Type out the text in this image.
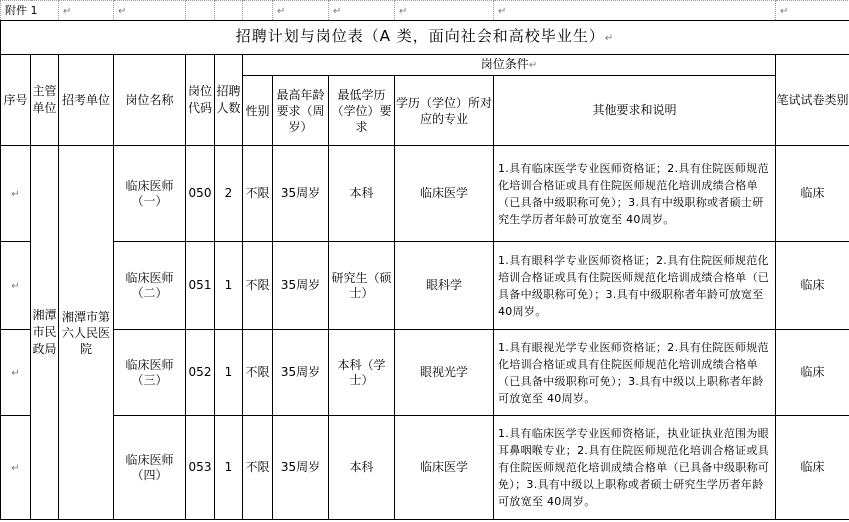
附件 1		↵	↵				↵	↵	↵	↵	↵
招聘计划与岗位表（A 类，面向社会和高校毕业生）↵											
序号	主管单位	招考单位	岗位名称	岗位代码	招聘人数	岗位条件↵					笔试试卷类别
						性别	最高年龄要求（周岁）	最低学历（学位）要求	学历（学位）所对应的专业	其他要求和说明	
↵	湘潭市民政局	湘潭市第六人民医院	临床医师（一）	050	2	不限	35周岁	本科	临床医学	1.具有临床医学专业医师资格证；2.具有住院医师规范化培训合格证或具有住院医师规范化培训成绩合格单（已具备中级职称可免）；3.具有中级职称或者硕士研究生学历者年龄可放宽至 40周岁。	临床
↵			临床医师（二）	051	1	不限	35周岁	研究生（硕士）	眼科学	1.具有眼科学专业医师资格证；2.具有住院医师规范化培训合格证或具有住院医师规范化培训成绩合格单（已具备中级职称可免）；3.具有中级职称者年龄可放宽至 40周岁。	临床
↵			临床医师（三）	052	1	不限	35周岁	本科（学士）	眼视光学	1.具有眼视光学专业医师资格证；2.具有住院医师规范化培训合格证或具有住院医师规范化培训成绩合格单（已具备中级职称可免）；3.具有中级以上职称者年龄可放宽至 40周岁。	临床
↵			临床医师（四）	053	1	不限	35周岁	本科	临床医学	1.具有临床医学专业医师资格证，执业证执业范围为眼耳鼻咽喉专业；2.具有住院医师规范化培训合格证或具有住院医师规范化培训成绩合格单（已具备中级职称可免）；3.具有中级以上职称或者硕士研究生学历者年龄可放宽至 40周岁。	临床
